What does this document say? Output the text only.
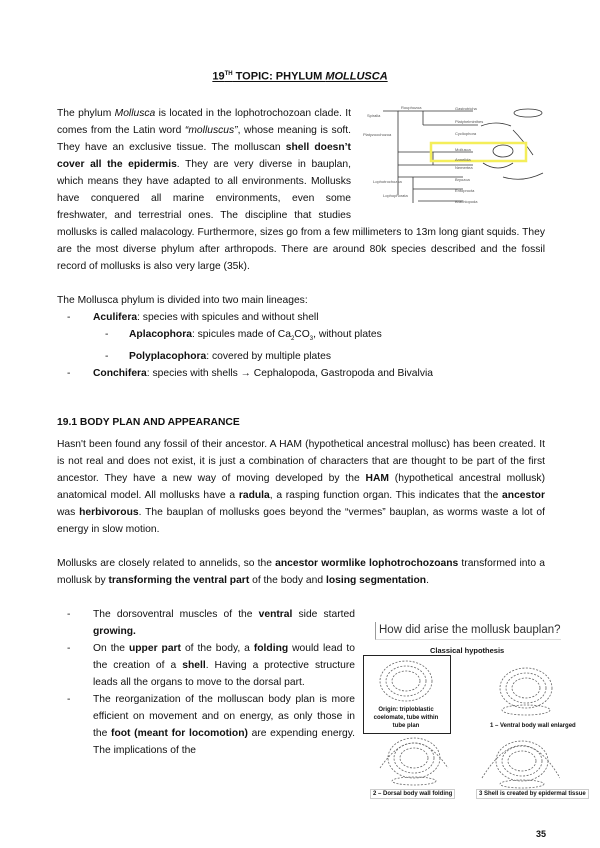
19TH TOPIC: PHYLUM MOLLUSCA
Spiralia
Rouphozoa
Platyzoochozoa
Lophotrochozoa
Lophophorata
Gastrotricha
Platyhelminthes
Cycliophora
Mollusca
Annelida
Nemertea
Bryozoa
Entoprocta
Brachiopoda
The phylum Mollusca is located in the lophotrochozoan clade. It comes from the Latin word “molluscus”, whose meaning is soft. They have an exclusive tissue. The molluscan shell doesn’t cover all the epidermis. They are very diverse in bauplan, which means they have adapted to all environments. Mollusks have conquered all marine environments, even some freshwater, and terrestrial ones. The discipline that studies mollusks is called malacology. Furthermore, sizes go from a few millimeters to 13m long giant squids. They are the most diverse phylum after arthropods. There are around 80k species described and the fossil record of mollusks is also very large (35k).

The Mollusca phylum is divided into two main lineages:

- Aculifera: species with spicules and without shell
- Aplacophora: spicules made of $Ca_2CO_3$, without plates
- Polyplacophora: covered by multiple plates
- Conchifera: species with shells → Cephalopoda, Gastropoda and Bivalvia
19.1 BODY PLAN AND APPEARANCE

Hasn't been found any fossil of their ancestor. A HAM (hypothetical ancestral mollusc) has been created. It is not real and does not exist, it is just a combination of characters that are thought to be part of the first ancestor. They have a new way of moving developed by the HAM (hypothetical ancestral mollusk) anatomical model. All mollusks have a radula, a rasping function organ. This indicates that the ancestor was herbivorous. The bauplan of mollusks goes beyond the “vermes” bauplan, as worms waste a lot of energy in slow motion.

Mollusks are closely related to annelids, so the ancestor wormlike lophotrochozoans transformed into a mollusk by transforming the ventral part of the body and losing segmentation.

- The dorsoventral muscles of the ventral side started growing.
- On the upper part of the body, a folding would lead to the creation of a shell. Having a protective structure leads all the organs to move to the dorsal part.
- The reorganization of the molluscan body plan is more efficient on movement and on energy, as only those in the foot (meant for locomotion) are expending energy. The implications of the
How did arise the mollusk bauplan?
Classical hypothesis
Origin: triploblastic coelomate, tube within tube plan	1 – Ventral body wall enlarged
2 – Dorsal body wall folding	3 Shell is created by epidermal tissue
35
